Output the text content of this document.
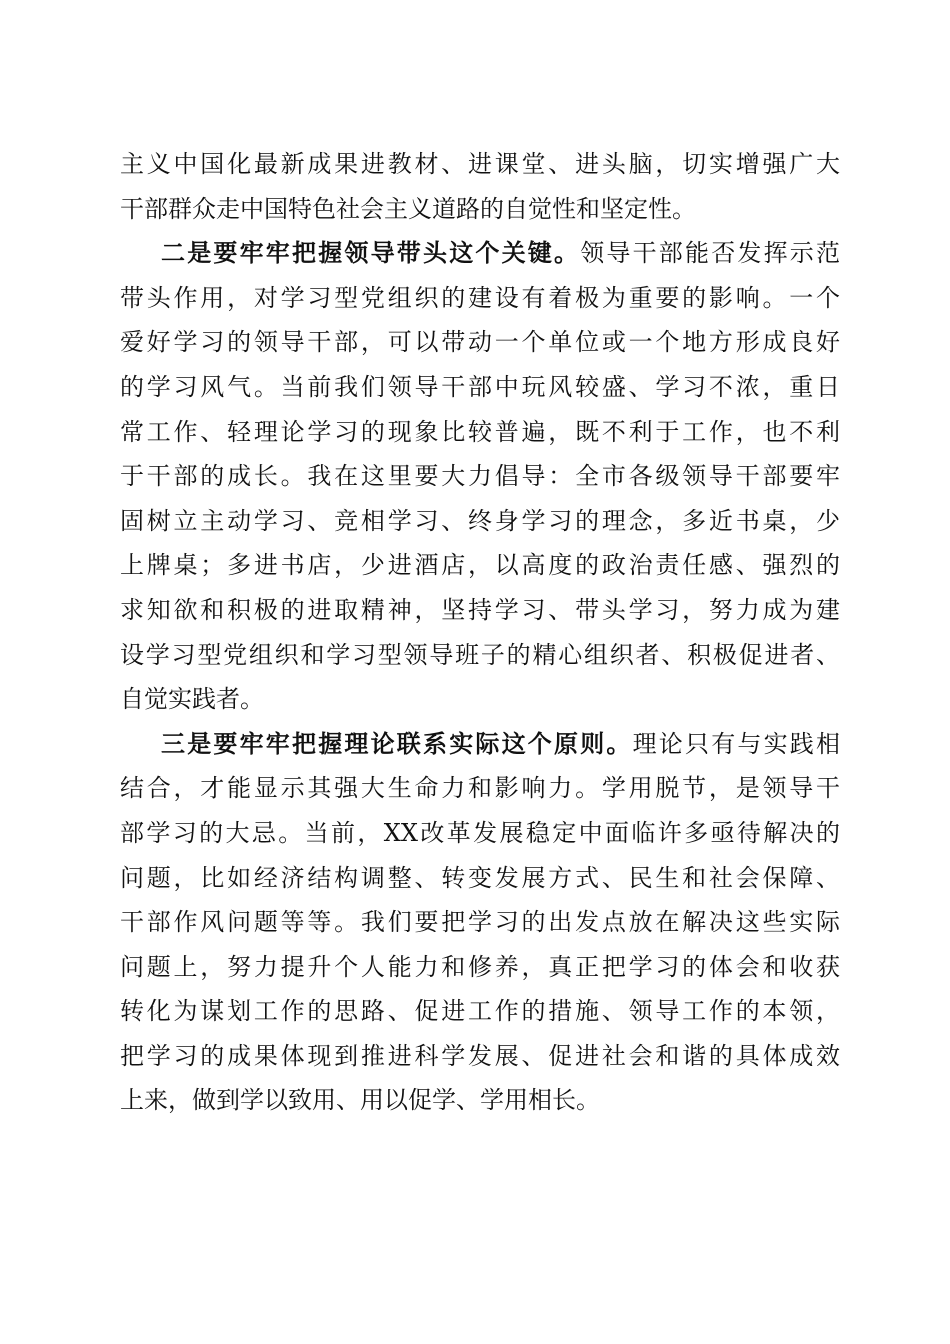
主义中国化最新成果进教材、进课堂、进头脑，切实增强广大
干部群众走中国特色社会主义道路的自觉性和坚定性。
二是要牢牢把握领导带头这个关键。领导干部能否发挥示范
带头作用，对学习型党组织的建设有着极为重要的影响。一个
爱好学习的领导干部，可以带动一个单位或一个地方形成良好
的学习风气。当前我们领导干部中玩风较盛、学习不浓，重日
常工作、轻理论学习的现象比较普遍，既不利于工作，也不利
于干部的成长。我在这里要大力倡导：全市各级领导干部要牢
固树立主动学习、竞相学习、终身学习的理念，多近书桌，少
上牌桌；多进书店，少进酒店，以高度的政治责任感、强烈的
求知欲和积极的进取精神，坚持学习、带头学习，努力成为建
设学习型党组织和学习型领导班子的精心组织者、积极促进者、
自觉实践者。
三是要牢牢把握理论联系实际这个原则。理论只有与实践相
结合，才能显示其强大生命力和影响力。学用脱节，是领导干
部学习的大忌。当前，XX改革发展稳定中面临许多亟待解决的
问题，比如经济结构调整、转变发展方式、民生和社会保障、
干部作风问题等等。我们要把学习的出发点放在解决这些实际
问题上，努力提升个人能力和修养，真正把学习的体会和收获
转化为谋划工作的思路、促进工作的措施、领导工作的本领，
把学习的成果体现到推进科学发展、促进社会和谐的具体成效
上来，做到学以致用、用以促学、学用相长。
